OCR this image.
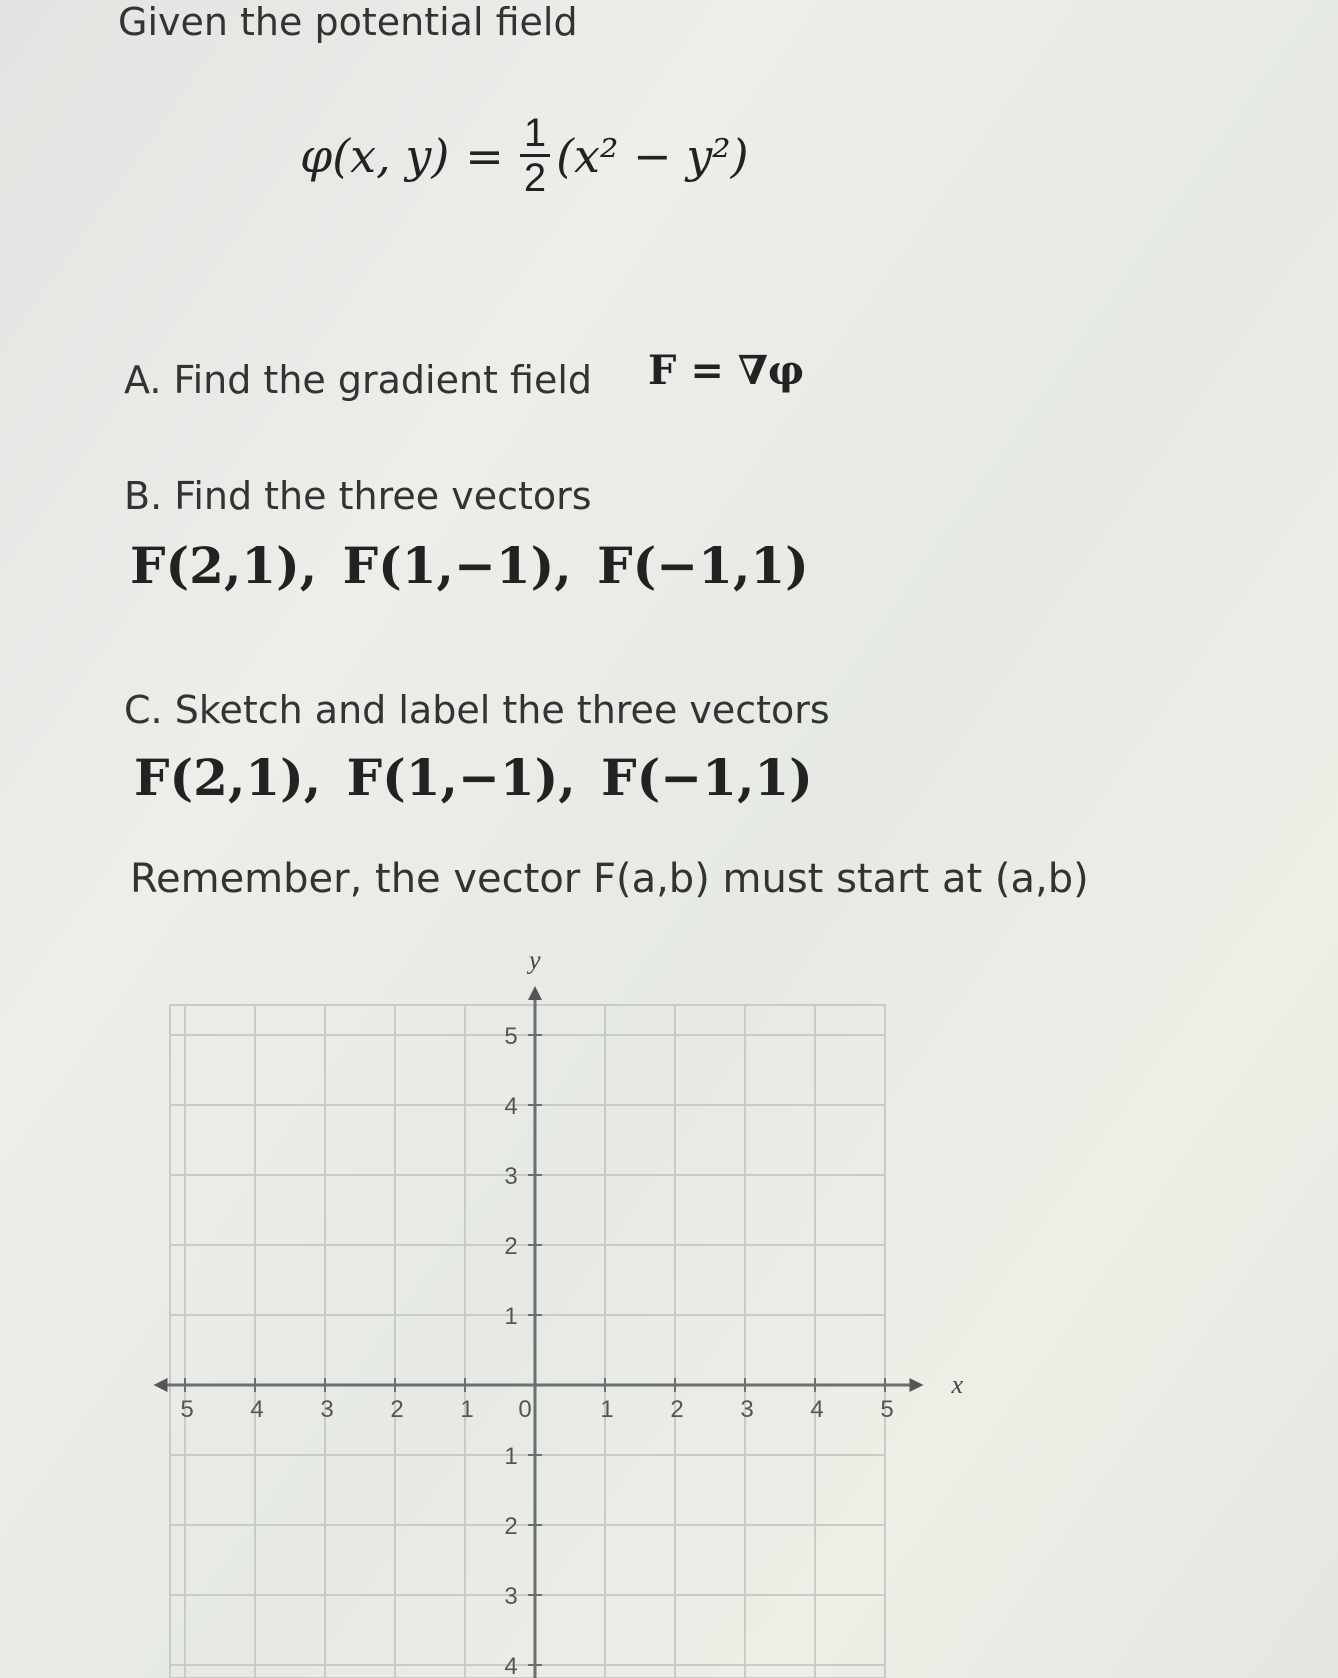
Given the potential field
φ(x, $y) = \frac{1}{2} (x^2 - y^2)$
A. Find the gradient field F = ∇φ
B. Find the three vectors
F(2,1), F(1,−1), F(−1,1)
C. Sketch and label the three vectors
F(2,1), F(1,−1), F(−1,1)
Remember, the vector F(a,b) must start at (a,b)
5 4 3 2 1 0	1 2 3 4 5
1
2
3
4
5
1
2
3
4
x
y
